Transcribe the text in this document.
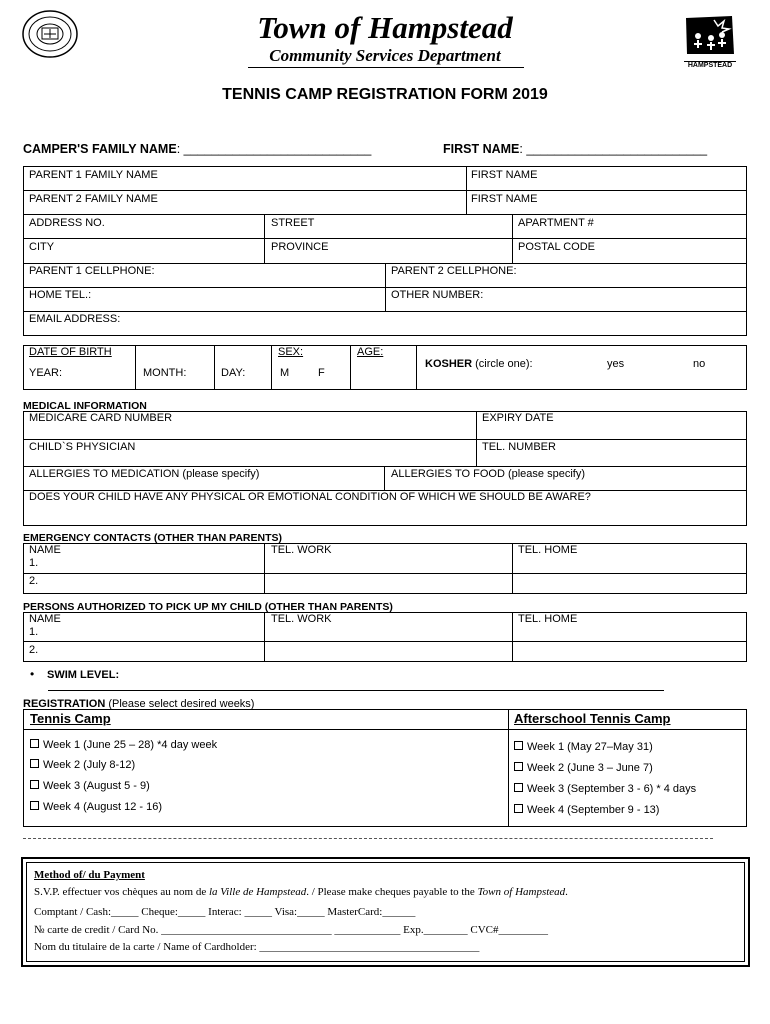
Town of Hampstead
Community Services Department
HAMPSTEAD
TENNIS CAMP REGISTRATION FORM 2019
CAMPER'S FAMILY NAME: ___________________________	FIRST NAME: __________________________
PARENT 1 FAMILY NAME	FIRST NAME
PARENT 2 FAMILY NAME	FIRST NAME
ADDRESS NO.	STREET	APARTMENT #
CITY	PROVINCE	POSTAL CODE
PARENT 1 CELLPHONE:	PARENT 2 CELLPHONE:
HOME TEL.:	OTHER NUMBER:
EMAIL ADDRESS:
DATE OF BIRTH
YEAR:	MONTH:	DAY:
SEX:
M	F
AGE:
KOSHER (circle one):	yes	no
MEDICAL INFORMATION
MEDICARE CARD NUMBER	EXPIRY DATE
CHILD`S PHYSICIAN	TEL. NUMBER
ALLERGIES TO MEDICATION (please specify)	ALLERGIES TO FOOD (please specify)
DOES YOUR CHILD HAVE ANY PHYSICAL OR EMOTIONAL CONDITION OF WHICH WE SHOULD BE AWARE?
EMERGENCY CONTACTS (OTHER THAN PARENTS)
NAME	TEL. WORK	TEL. HOME
1.
2.
PERSONS AUTHORIZED TO PICK UP MY CHILD (OTHER THAN PARENTS)
NAME	TEL. WORK	TEL. HOME
1.
2.
• SWIM LEVEL:
REGISTRATION (Please select desired weeks)
Tennis Camp	Afterschool Tennis Camp
Week 1 (June 25 – 28) *4 day week
Week 2 (July 8-12)
Week 3 (August 5 - 9)
Week 4 (August 12 - 16)
Week 1 (May 27–May 31)
Week 2 (June 3 – June 7)
Week 3 (September 3 - 6) * 4 days
Week 4 (September 9 - 13)
Method of/ du Payment
S.V.P. effectuer vos chèques au nom de la Ville de Hampstead. / Please make cheques payable to the Town of Hampstead.
Comptant / Cash:_____ Cheque:_____ Interac: _____ Visa:_____ MasterCard:______
№ carte de credit / Card No. _______________________________ ____________ Exp.________ CVC#_________
Nom du titulaire de la carte / Name of Cardholder: ________________________________________
